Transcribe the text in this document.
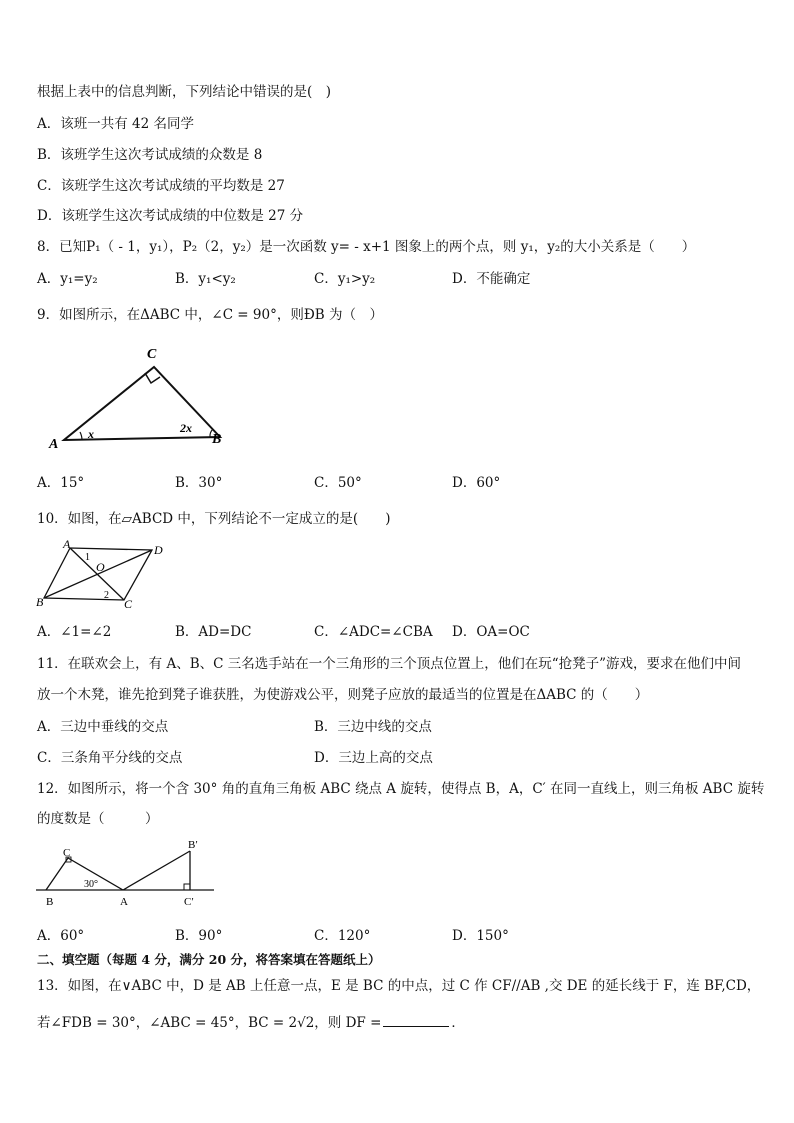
根据上表中的信息判断，下列结论中错误的是(　)
A．该班一共有 42 名同学
B．该班学生这次考试成绩的众数是 8
C．该班学生这次考试成绩的平均数是 27
D．该班学生这次考试成绩的中位数是 27 分
8．已知P₁（ - 1，y₁），P₂（2，y₂）是一次函数 y= - x+1 图象上的两个点，则 y₁，y₂的大小关系是（　　）
A．y₁=y₂	B．y₁<y₂	C．y₁>y₂	D．不能确定
9．如图所示，在ΔABC 中，∠C = 90°，则ÐB 为（　）
A	B
C
x	2x
A．15°	B．30°	C．50°	D．60°
10．如图，在▱ABCD 中，下列结论不一定成立的是(　　)
A	D
B	C
O
1
2
A．∠1=∠2	B．AD=DC	C．∠ADC=∠CBA D．OA=OC
11．在联欢会上，有 A、B、C 三名选手站在一个三角形的三个顶点位置上，他们在玩“抢凳子”游戏，要求在他们中间
放一个木凳，谁先抢到凳子谁获胜，为使游戏公平，则凳子应放的最适当的位置是在ΔABC 的（　　）
A．三边中垂线的交点	B．三边中线的交点
C．三条角平分线的交点	D．三边上高的交点
12．如图所示，将一个含 30° 角的直角三角板 ABC 绕点 A 旋转，使得点 B，A，C′ 在同一直线上，则三角板 ABC 旋转
的度数是（　　　）
C
B	A
B′
C′
30°
A．60°	B．90°	C．120°	D．150°
二、填空题（每题 4 分，满分 20 分，将答案填在答题纸上）
13．如图，在∨ABC 中，D 是 AB 上任意一点，E 是 BC 的中点，过 C 作 CF//AB ,交 DE 的延长线于 F，连 BF,CD，
若∠FDB = 30°，∠ABC = 45°，BC = 2√2，则 DF =	．
